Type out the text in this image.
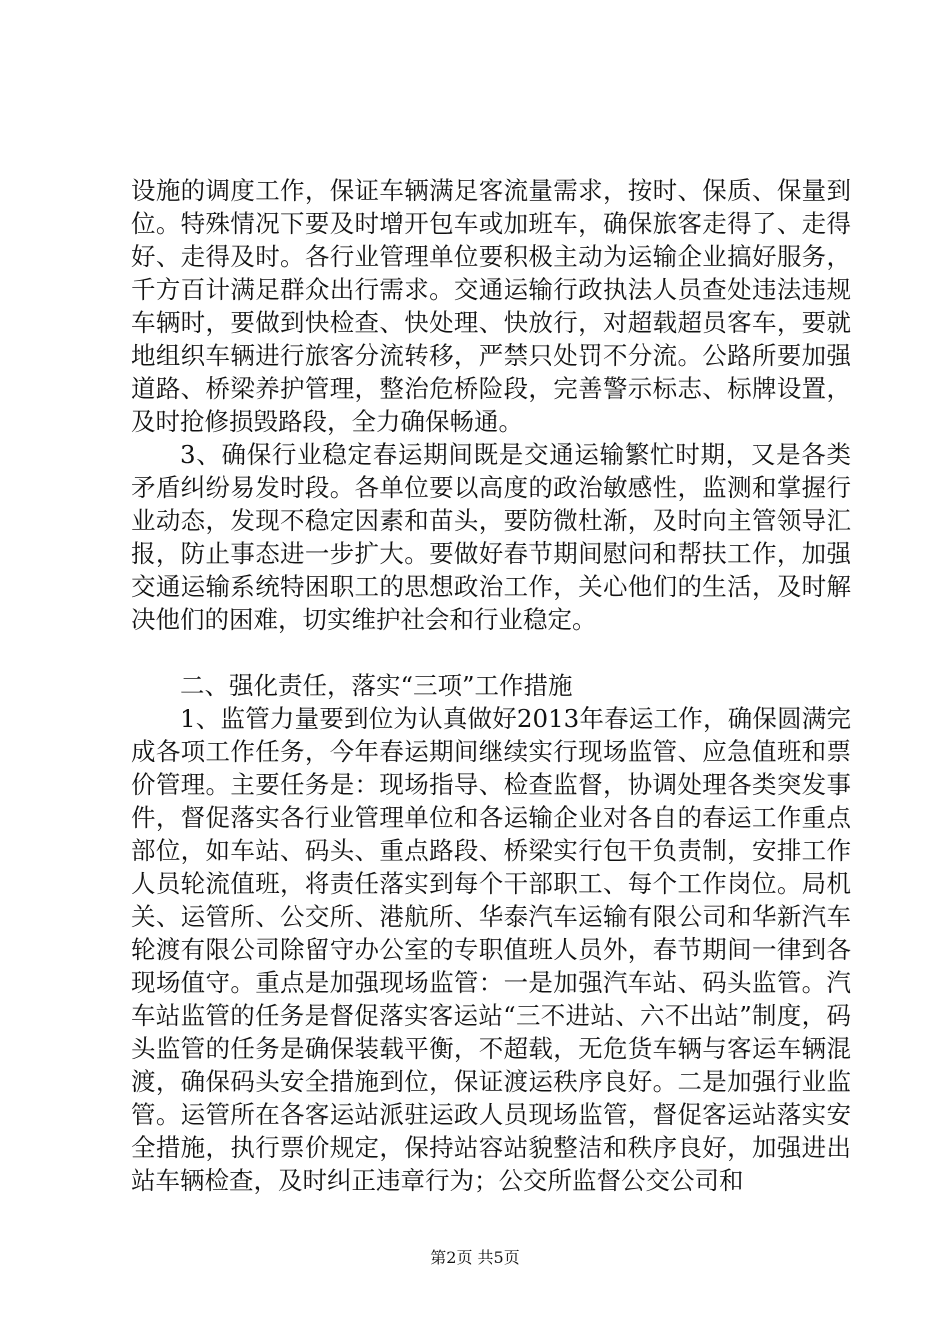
设施的调度工作，保证车辆满足客流量需求，按时、保质、保量到位。特殊情况下要及时增开包车或加班车，确保旅客走得了、走得好、走得及时。各行业管理单位要积极主动为运输企业搞好服务，千方百计满足群众出行需求。交通运输行政执法人员查处违法违规车辆时，要做到快检查、快处理、快放行，对超载超员客车，要就地组织车辆进行旅客分流转移，严禁只处罚不分流。公路所要加强道路、桥梁养护管理，整治危桥险段，完善警示标志、标牌设置，及时抢修损毁路段，全力确保畅通。

3、确保行业稳定春运期间既是交通运输繁忙时期，又是各类矛盾纠纷易发时段。各单位要以高度的政治敏感性，监测和掌握行业动态，发现不稳定因素和苗头，要防微杜渐，及时向主管领导汇报，防止事态进一步扩大。要做好春节期间慰问和帮扶工作，加强交通运输系统特困职工的思想政治工作，关心他们的生活，及时解决他们的困难，切实维护社会和行业稳定。

二、强化责任，落实“三项”工作措施

1、监管力量要到位为认真做好2013年春运工作，确保圆满完成各项工作任务，今年春运期间继续实行现场监管、应急值班和票价管理。主要任务是：现场指导、检查监督，协调处理各类突发事件，督促落实各行业管理单位和各运输企业对各自的春运工作重点部位，如车站、码头、重点路段、桥梁实行包干负责制，安排工作人员轮流值班，将责任落实到每个干部职工、每个工作岗位。局机关、运管所、公交所、港航所、华泰汽车运输有限公司和华新汽车轮渡有限公司除留守办公室的专职值班人员外，春节期间一律到各现场值守。重点是加强现场监管：一是加强汽车站、码头监管。汽车站监管的任务是督促落实客运站“三不进站、六不出站”制度，码头监管的任务是确保装载平衡，不超载，无危货车辆与客运车辆混渡，确保码头安全措施到位，保证渡运秩序良好。二是加强行业监管。运管所在各客运站派驻运政人员现场监管，督促客运站落实安全措施，执行票价规定，保持站容站貌整洁和秩序良好，加强进出站车辆检查，及时纠正违章行为；公交所监督公交公司和

第2页 共5页
